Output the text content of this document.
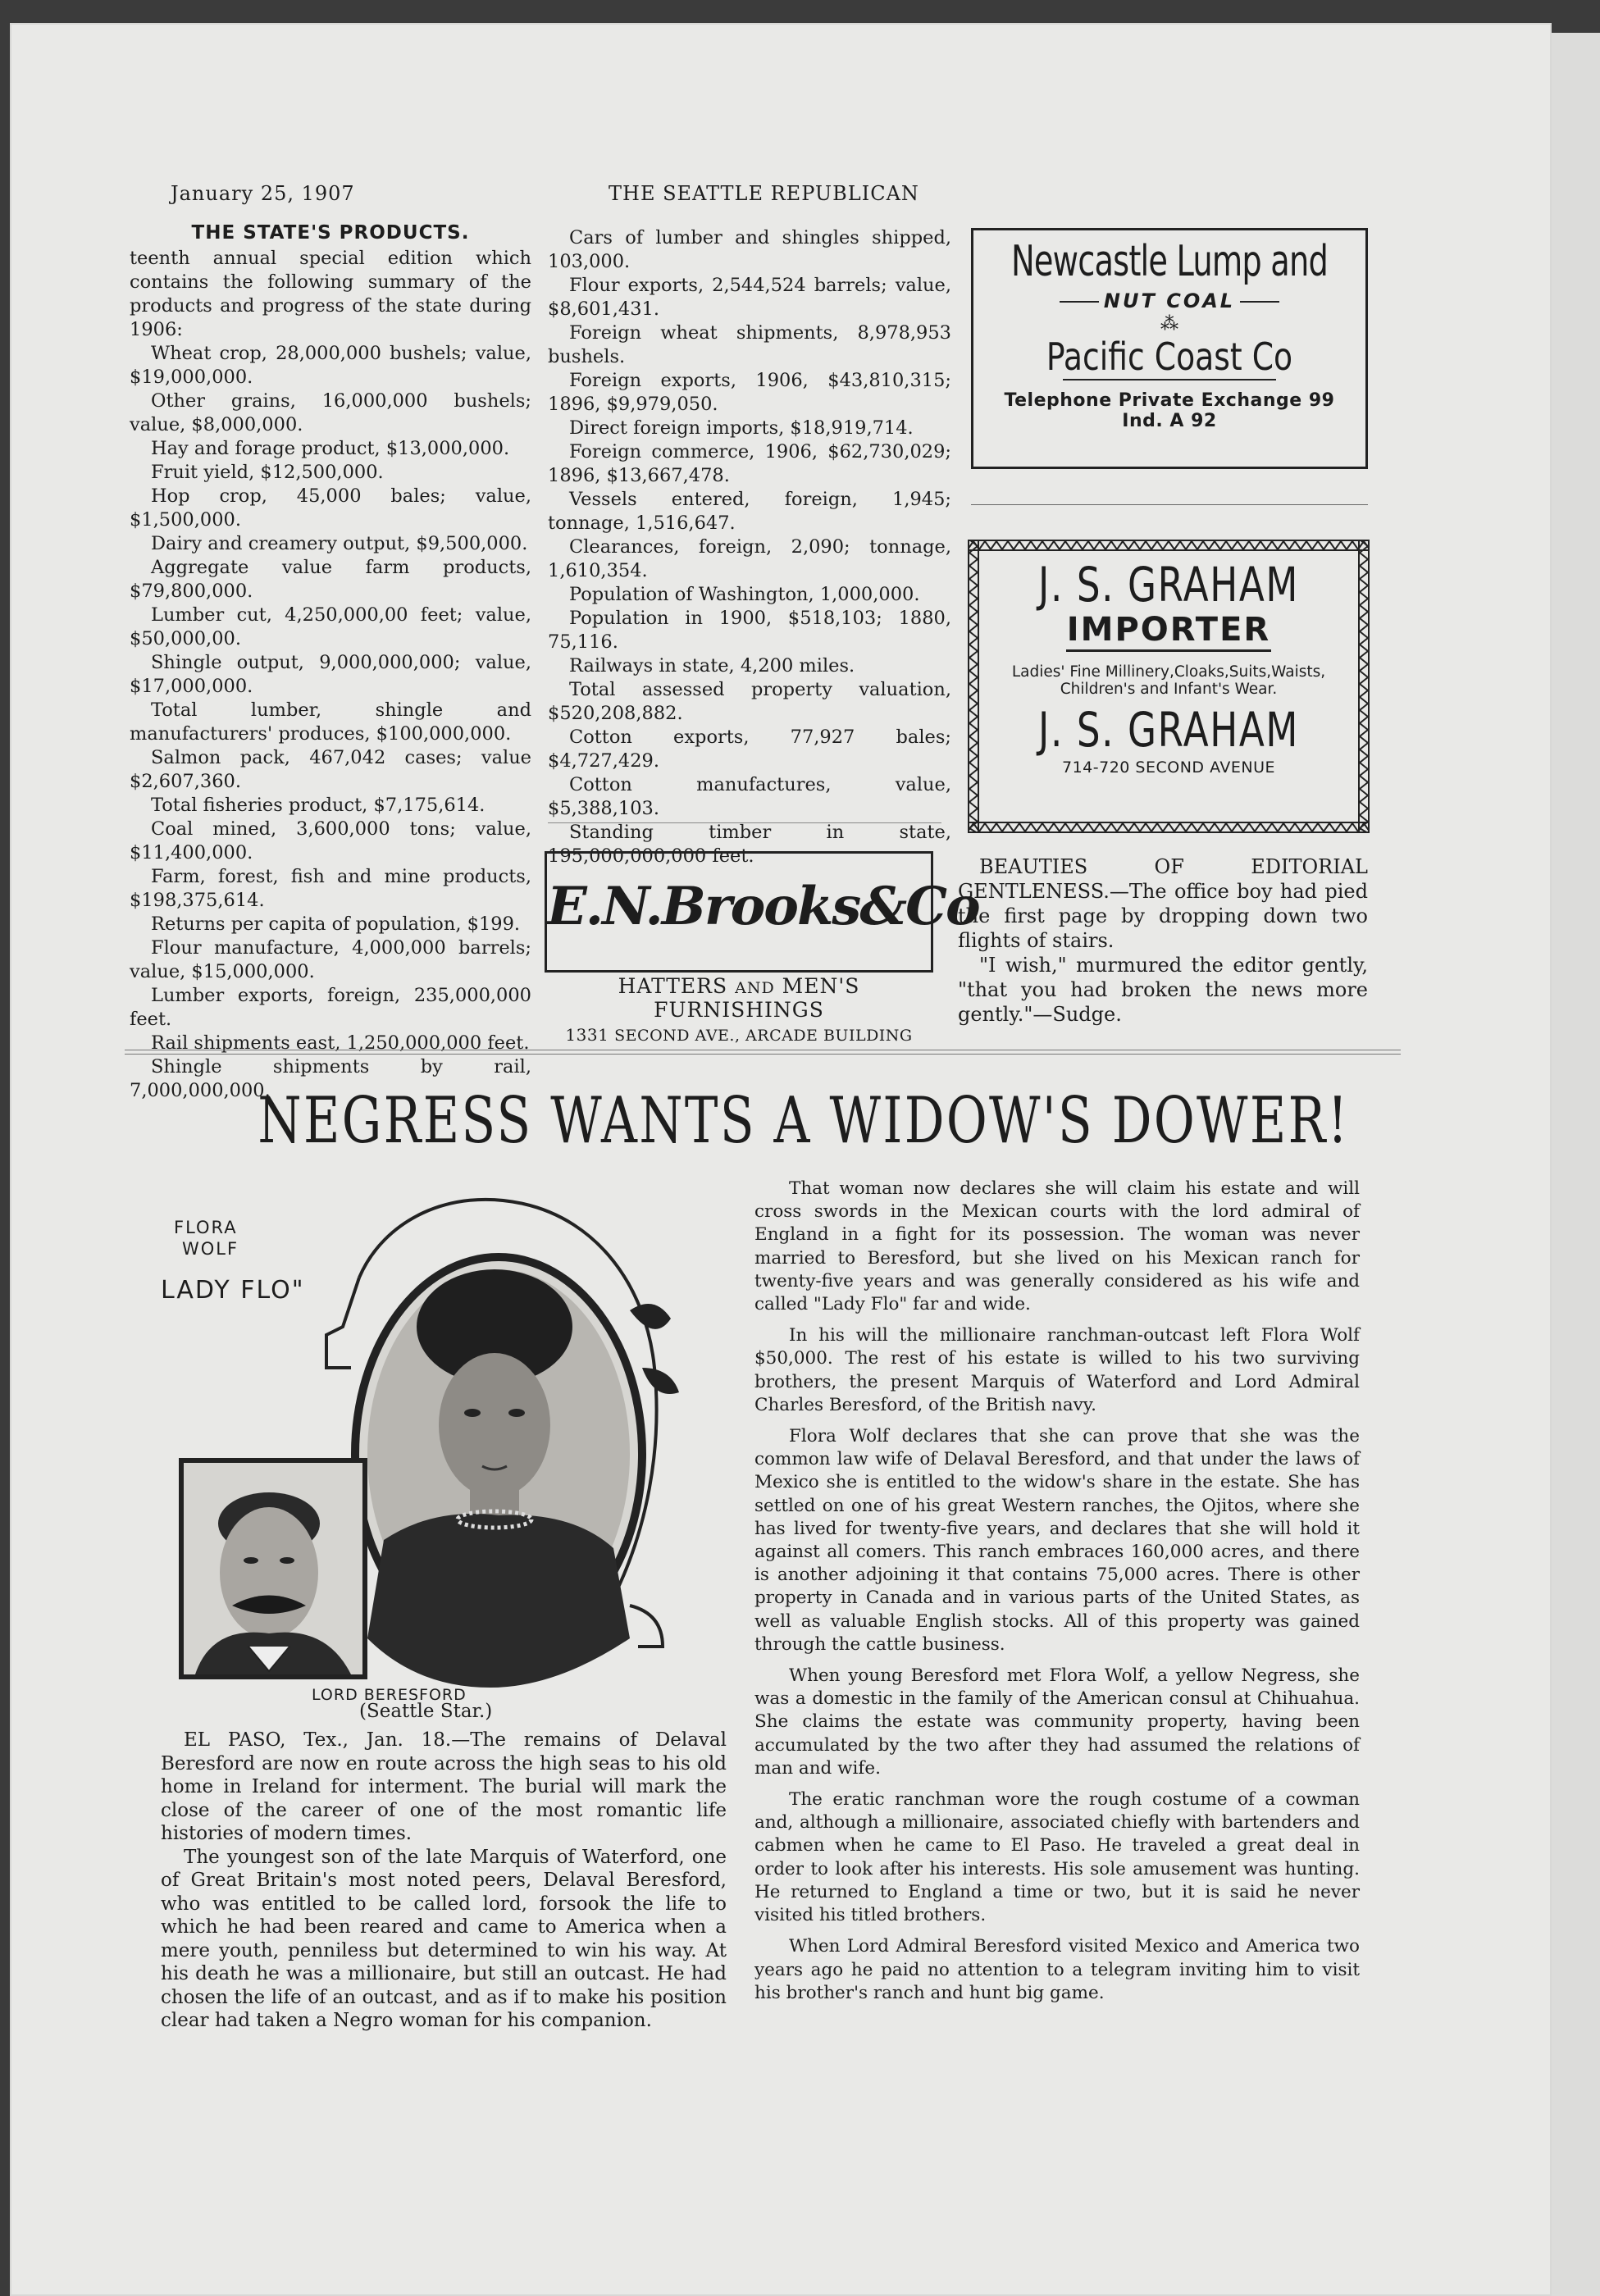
January 25, 1907	THE SEATTLE REPUBLICAN
THE STATE'S PRODUCTS.

teenth annual special edition which contains the following summary of the products and progress of the state during 1906:

Wheat crop, 28,000,000 bushels; value, $19,000,000.

Other grains, 16,000,000 bushels; value, $8,000,000.

Hay and forage product, $13,000,000.

Fruit yield, $12,500,000.

Hop crop, 45,000 bales; value, $1,500,000.

Dairy and creamery output, $9,500,000.

Aggregate value farm products, $79,800,000.

Lumber cut, 4,250,000,00 feet; value, $50,000,00.

Shingle output, 9,000,000,000; value, $17,000,000.

Total lumber, shingle and manufacturers' produces, $100,000,000.

Salmon pack, 467,042 cases; value $2,607,360.

Total fisheries product, $7,175,614.

Coal mined, 3,600,000 tons; value, $11,400,000.

Farm, forest, fish and mine products, $198,375,614.

Returns per capita of population, $199.

Flour manufacture, 4,000,000 barrels; value, $15,000,000.

Lumber exports, foreign, 235,000,000 feet.

Rail shipments east, 1,250,000,000 feet.

Shingle shipments by rail, 7,000,000,000.

Cars of lumber and shingles shipped, 103,000.

Flour exports, 2,544,524 barrels; value, $8,601,431.

Foreign wheat shipments, 8,978,953 bushels.

Foreign exports, 1906, $43,810,315; 1896, $9,979,050.

Direct foreign imports, $18,919,714.

Foreign commerce, 1906, $62,730,029; 1896, $13,667,478.

Vessels entered, foreign, 1,945; tonnage, 1,516,647.

Clearances, foreign, 2,090; tonnage, 1,610,354.

Population of Washington, 1,000,000.

Population in 1900, $518,103; 1880, 75,116.

Railways in state, 4,200 miles.

Total assessed property valuation, $520,208,882.

Cotton exports, 77,927 bales; $4,727,429.

Cotton manufactures, value, $5,388,103.

Standing timber in state, 195,000,000,000 feet.

Newcastle Lump and
NUT COAL
⁂
Pacific Coast Co
Telephone Private Exchange 99
Ind. A 92
J. S. GRAHAM
IMPORTER
Ladies' Fine Millinery,Cloaks,Suits,Waists,
Children's and Infant's Wear.
J. S. GRAHAM
714-720 SECOND AVENUE
E.N.Brooks&Co
HATTERS AND MEN'S FURNISHINGS
1331 SECOND AVE., ARCADE BUILDING

BEAUTIES OF EDITORIAL GENTLENESS.—The office boy had pied the first page by dropping down two flights of stairs.

"I wish," murmured the editor gently, "that you had broken the news more gently."—Sudge.

NEGRESS WANTS A WIDOW'S DOWER!
FLORA
WOLF
LADY FLO"
LORD BERESFORD
(Seattle Star.)

EL PASO, Tex., Jan. 18.—The remains of Delaval Beresford are now en route across the high seas to his old home in Ireland for interment. The burial will mark the close of the career of one of the most romantic life histories of modern times.

The youngest son of the late Marquis of Waterford, one of Great Britain's most noted peers, Delaval Beresford, who was entitled to be called lord, forsook the life to which he had been reared and came to America when a mere youth, penniless but determined to win his way. At his death he was a millionaire, but still an outcast. He had chosen the life of an outcast, and as if to make his position clear had taken a Negro woman for his companion.

That woman now declares she will claim his estate and will cross swords in the Mexican courts with the lord admiral of England in a fight for its possession. The woman was never married to Beresford, but she lived on his Mexican ranch for twenty-five years and was generally considered as his wife and called "Lady Flo" far and wide.

In his will the millionaire ranchman-outcast left Flora Wolf $50,000. The rest of his estate is willed to his two surviving brothers, the present Marquis of Waterford and Lord Admiral Charles Beresford, of the British navy.

Flora Wolf declares that she can prove that she was the common law wife of Delaval Beresford, and that under the laws of Mexico she is entitled to the widow's share in the estate. She has settled on one of his great Western ranches, the Ojitos, where she has lived for twenty-five years, and declares that she will hold it against all comers. This ranch embraces 160,000 acres, and there is another adjoining it that contains 75,000 acres. There is other property in Canada and in various parts of the United States, as well as valuable English stocks. All of this property was gained through the cattle business.

When young Beresford met Flora Wolf, a yellow Negress, she was a domestic in the family of the American consul at Chihuahua. She claims the estate was community property, having been accumulated by the two after they had assumed the relations of man and wife.

The eratic ranchman wore the rough costume of a cowman and, although a millionaire, associated chiefly with bartenders and cabmen when he came to El Paso. He traveled a great deal in order to look after his interests. His sole amusement was hunting. He returned to England a time or two, but it is said he never visited his titled brothers.

When Lord Admiral Beresford visited Mexico and America two years ago he paid no attention to a telegram inviting him to visit his brother's ranch and hunt big game.
